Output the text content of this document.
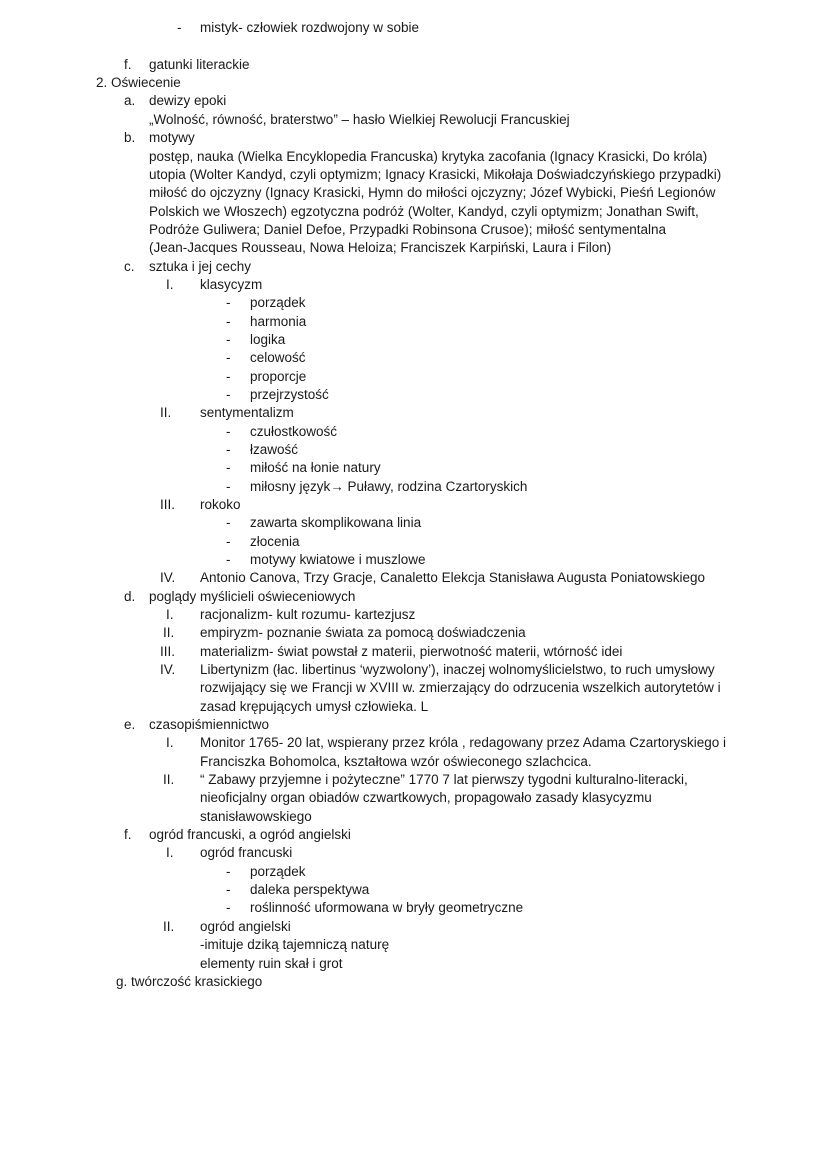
- mistyk- człowiek rozdwojony w sobie
f. gatunki literackie
2. Oświecenie
a. dewizy epoki
„Wolność, równość, braterstwo” – hasło Wielkiej Rewolucji Francuskiej
b. motywy
postęp, nauka (Wielka Encyklopedia Francuska) krytyka zacofania (Ignacy Krasicki, Do króla)
utopia (Wolter Kandyd, czyli optymizm; Ignacy Krasicki, Mikołaja Doświadczyńskiego przypadki)
miłość do ojczyzny (Ignacy Krasicki, Hymn do miłości ojczyzny; Józef Wybicki, Pieśń Legionów
Polskich we Włoszech) egzotyczna podróż (Wolter, Kandyd, czyli optymizm; Jonathan Swift,
Podróże Guliwera; Daniel Defoe, Przypadki Robinsona Crusoe); miłość sentymentalna
(Jean-Jacques Rousseau, Nowa Heloiza; Franciszek Karpiński, Laura i Filon)
c. sztuka i jej cechy
I. klasycyzm
- porządek
- harmonia
- logika
- celowość
- proporcje
- przejrzystość
II. sentymentalizm
- czułostkowość
- łzawość
- miłość na łonie natury
- miłosny język→ Puławy, rodzina Czartoryskich
III. rokoko
- zawarta skomplikowana linia
- złocenia
- motywy kwiatowe i muszlowe
IV. Antonio Canova, Trzy Gracje, Canaletto Elekcja Stanisława Augusta Poniatowskiego
d. poglądy myślicieli oświeceniowych
I. racjonalizm- kult rozumu- kartezjusz
II. empiryzm- poznanie świata za pomocą doświadczenia
III. materializm- świat powstał z materii, pierwotność materii, wtórność idei
IV. Libertynizm (łac. libertinus ‘wyzwolony’), inaczej wolnomyślicielstwo, to ruch umysłowy
rozwijający się we Francji w XVIII w. zmierzający do odrzucenia wszelkich autorytetów i
zasad krępujących umysł człowieka. L
e. czasopiśmiennictwo
I. Monitor 1765- 20 lat, wspierany przez króla , redagowany przez Adama Czartoryskiego i
Franciszka Bohomolca, kształtowa wzór oświeconego szlachcica.
II. “ Zabawy przyjemne i pożyteczne” 1770 7 lat pierwszy tygodni kulturalno-literacki,
nieoficjalny organ obiadów czwartkowych, propagowało zasady klasycyzmu
stanisławowskiego
f. ogród francuski, a ogród angielski
I. ogród francuski
- porządek
- daleka perspektywa
- roślinność uformowana w bryły geometryczne
II. ogród angielski
-imituje dziką tajemniczą naturę
elementy ruin skał i grot
g. twórczość krasickiego
